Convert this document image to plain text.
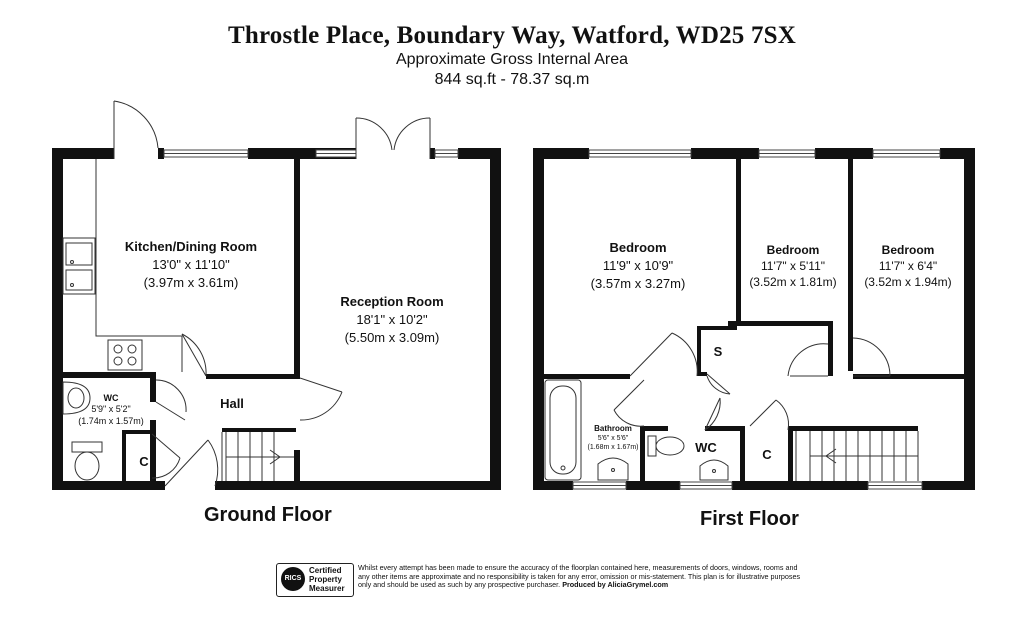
Throstle Place, Boundary Way, Watford, WD25 7SX
Approximate Gross Internal Area
844 sq.ft - 78.37 sq.m
Kitchen/Dining Room
13'0" x 11'10"
(3.97m x 3.61m)
Reception Room
18'1" x 10'2"
(5.50m x 3.09m)
WC
5'9" x 5'2"
(1.74m x 1.57m)
Hall
C
Bedroom
11'9" x 10'9"
(3.57m x 3.27m)
Bedroom
11'7" x 5'11"
(3.52m x 1.81m)
Bedroom
11'7" x 6'4"
(3.52m x 1.94m)
Bathroom
5'6" x 5'6"
(1.68m x 1.67m)	WC
S
C
Ground Floor	First Floor
RICS
Certified Property Measurer
Whilst every attempt has been made to ensure the accuracy of the floorplan contained here, measurements of doors, windows, rooms and any other items are approximate and no responsibility is taken for any error, omission or mis-statement. This plan is for illustrative purposes only and should be used as such by any prospective purchaser. Produced by AliciaGrymel.com
